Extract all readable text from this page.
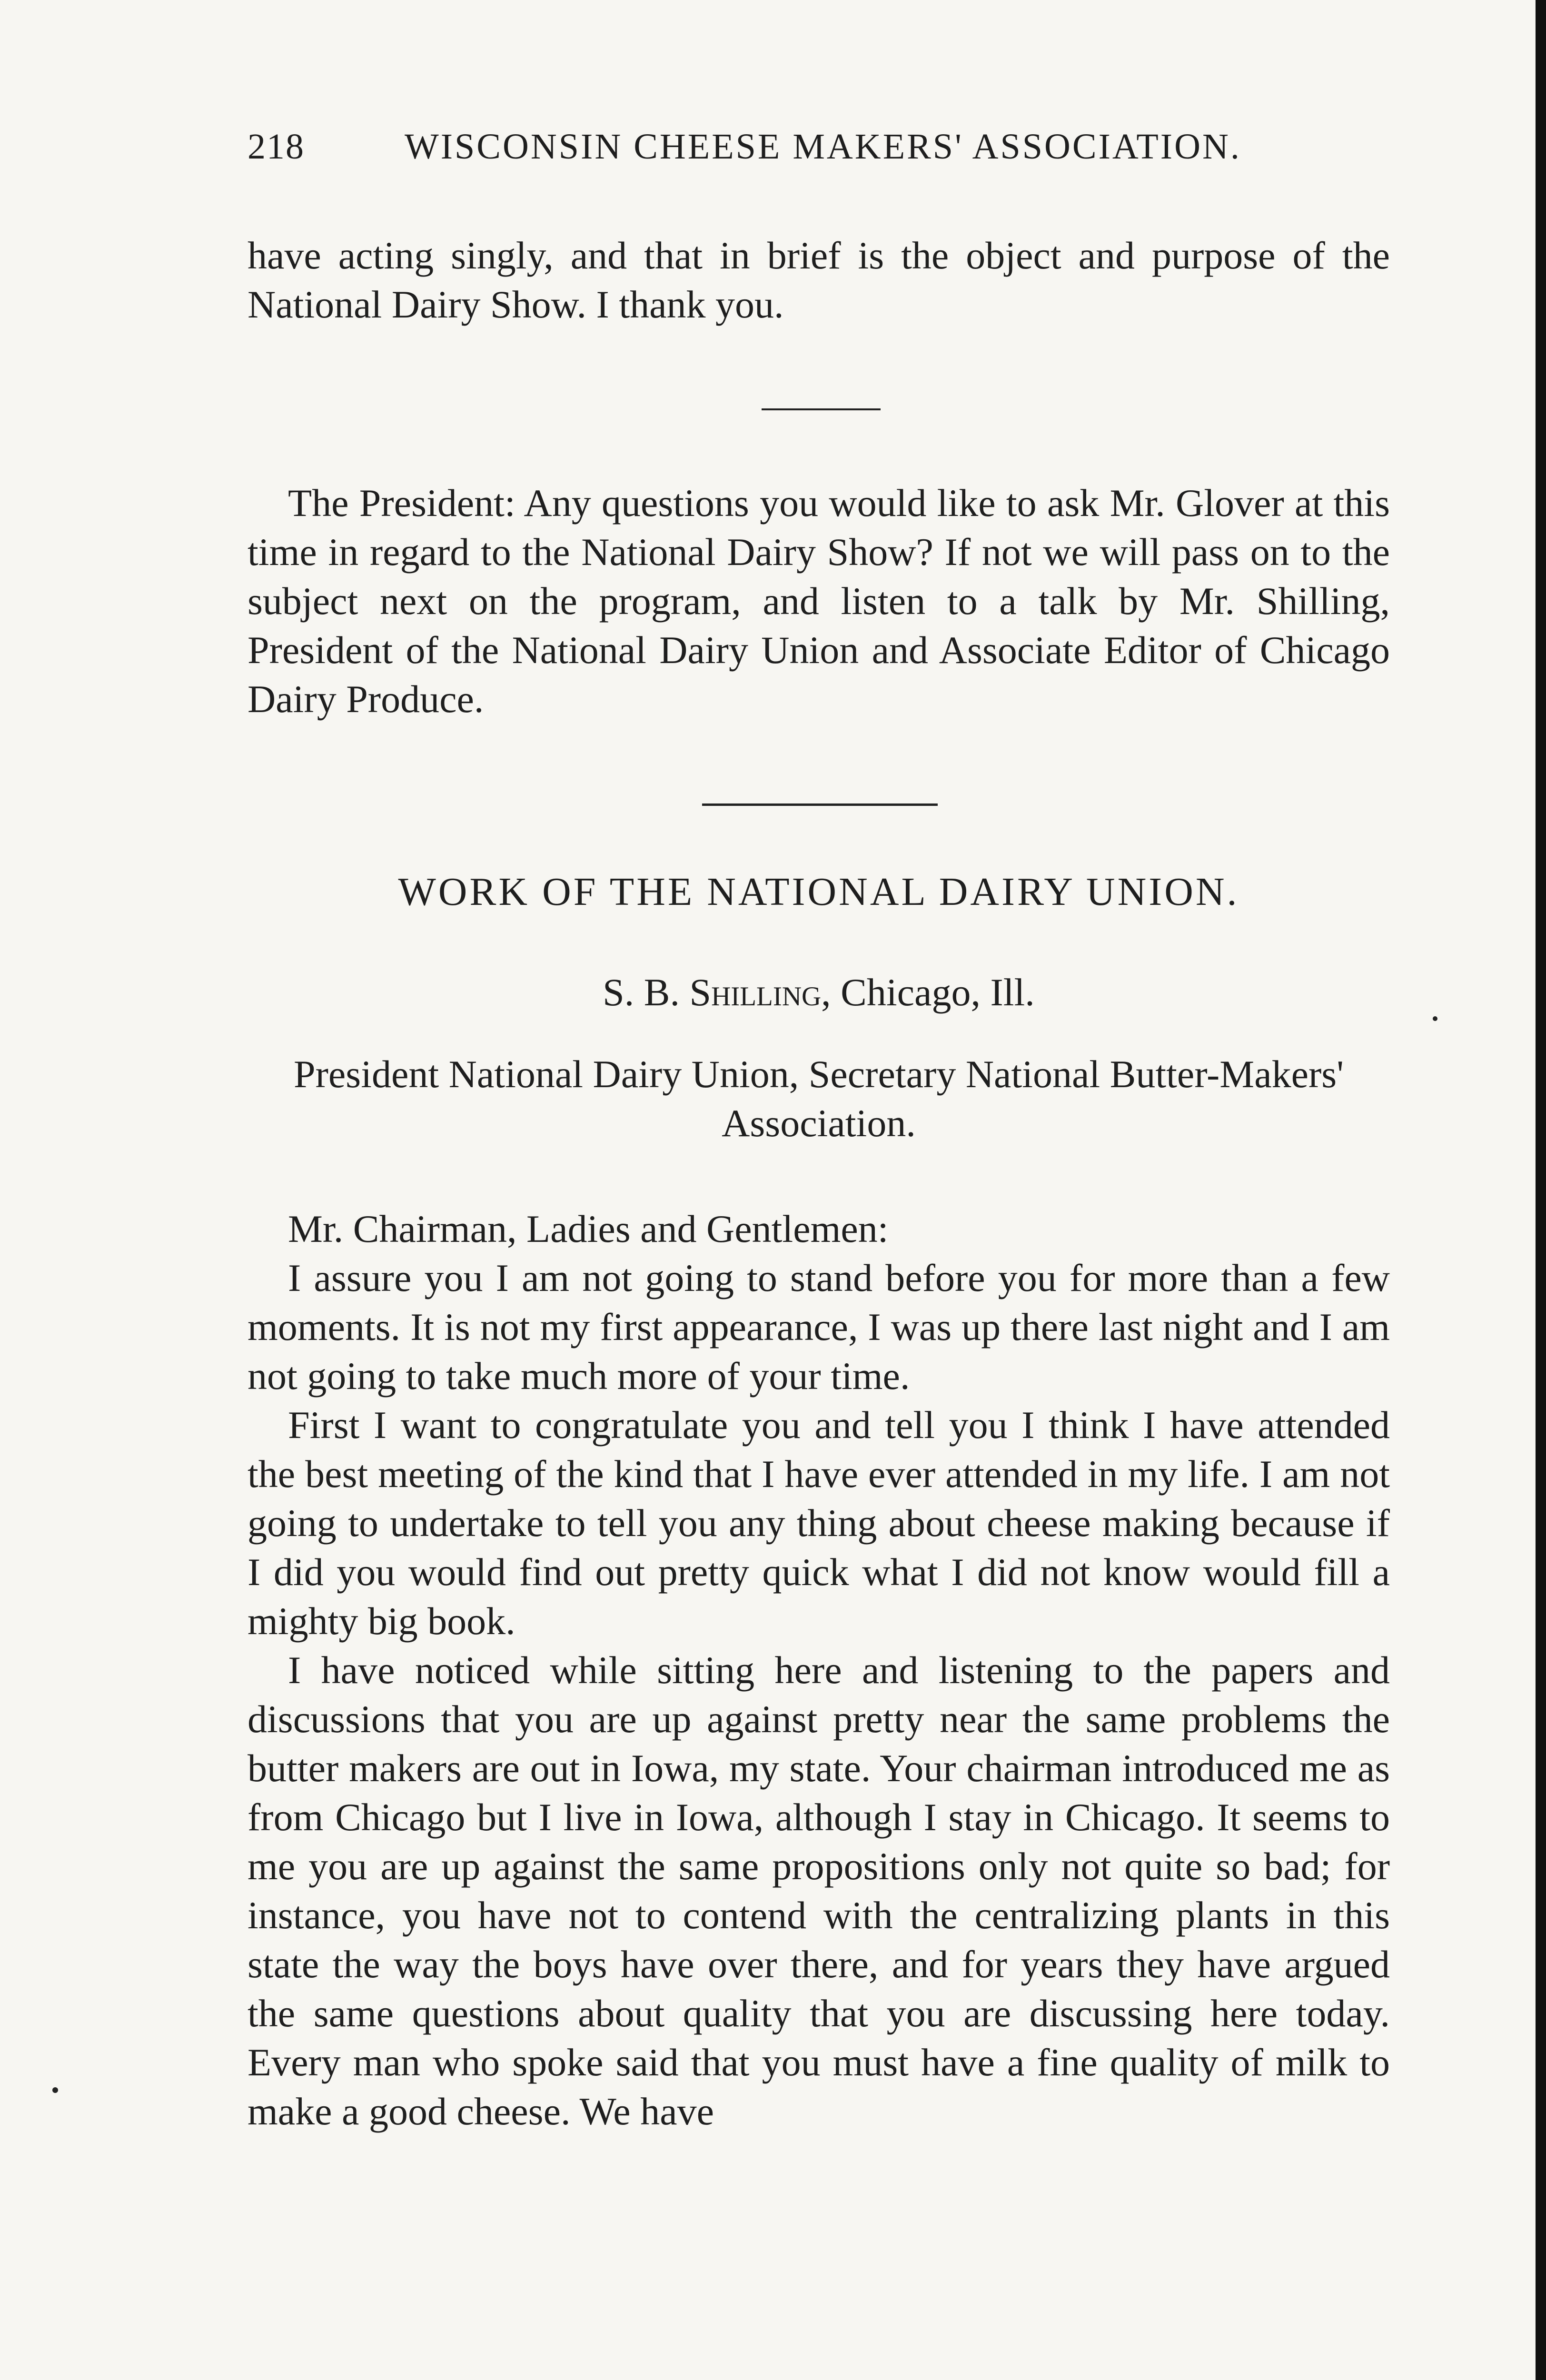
218	WISCONSIN CHEESE MAKERS' ASSOCIATION.

have acting singly, and that in brief is the object and purpose of the National Dairy Show. I thank you.

The President: Any questions you would like to ask Mr. Glover at this time in regard to the National Dairy Show? If not we will pass on to the subject next on the program, and listen to a talk by Mr. Shilling, President of the National Dairy Union and Associate Editor of Chicago Dairy Produce.

WORK OF THE NATIONAL DAIRY UNION.
S. B. Shilling, Chicago, Ill.
President National Dairy Union, Secretary National Butter-Makers' Association.

Mr. Chairman, Ladies and Gentlemen:

I assure you I am not going to stand before you for more than a few moments. It is not my first appearance, I was up there last night and I am not going to take much more of your time.

First I want to congratulate you and tell you I think I have attended the best meeting of the kind that I have ever attended in my life. I am not going to undertake to tell you any thing about cheese making because if I did you would find out pretty quick what I did not know would fill a mighty big book.

I have noticed while sitting here and listening to the papers and discussions that you are up against pretty near the same problems the butter makers are out in Iowa, my state. Your chairman introduced me as from Chicago but I live in Iowa, although I stay in Chicago. It seems to me you are up against the same propositions only not quite so bad; for instance, you have not to contend with the centralizing plants in this state the way the boys have over there, and for years they have argued the same questions about quality that you are discussing here today. Every man who spoke said that you must have a fine quality of milk to make a good cheese. We have
